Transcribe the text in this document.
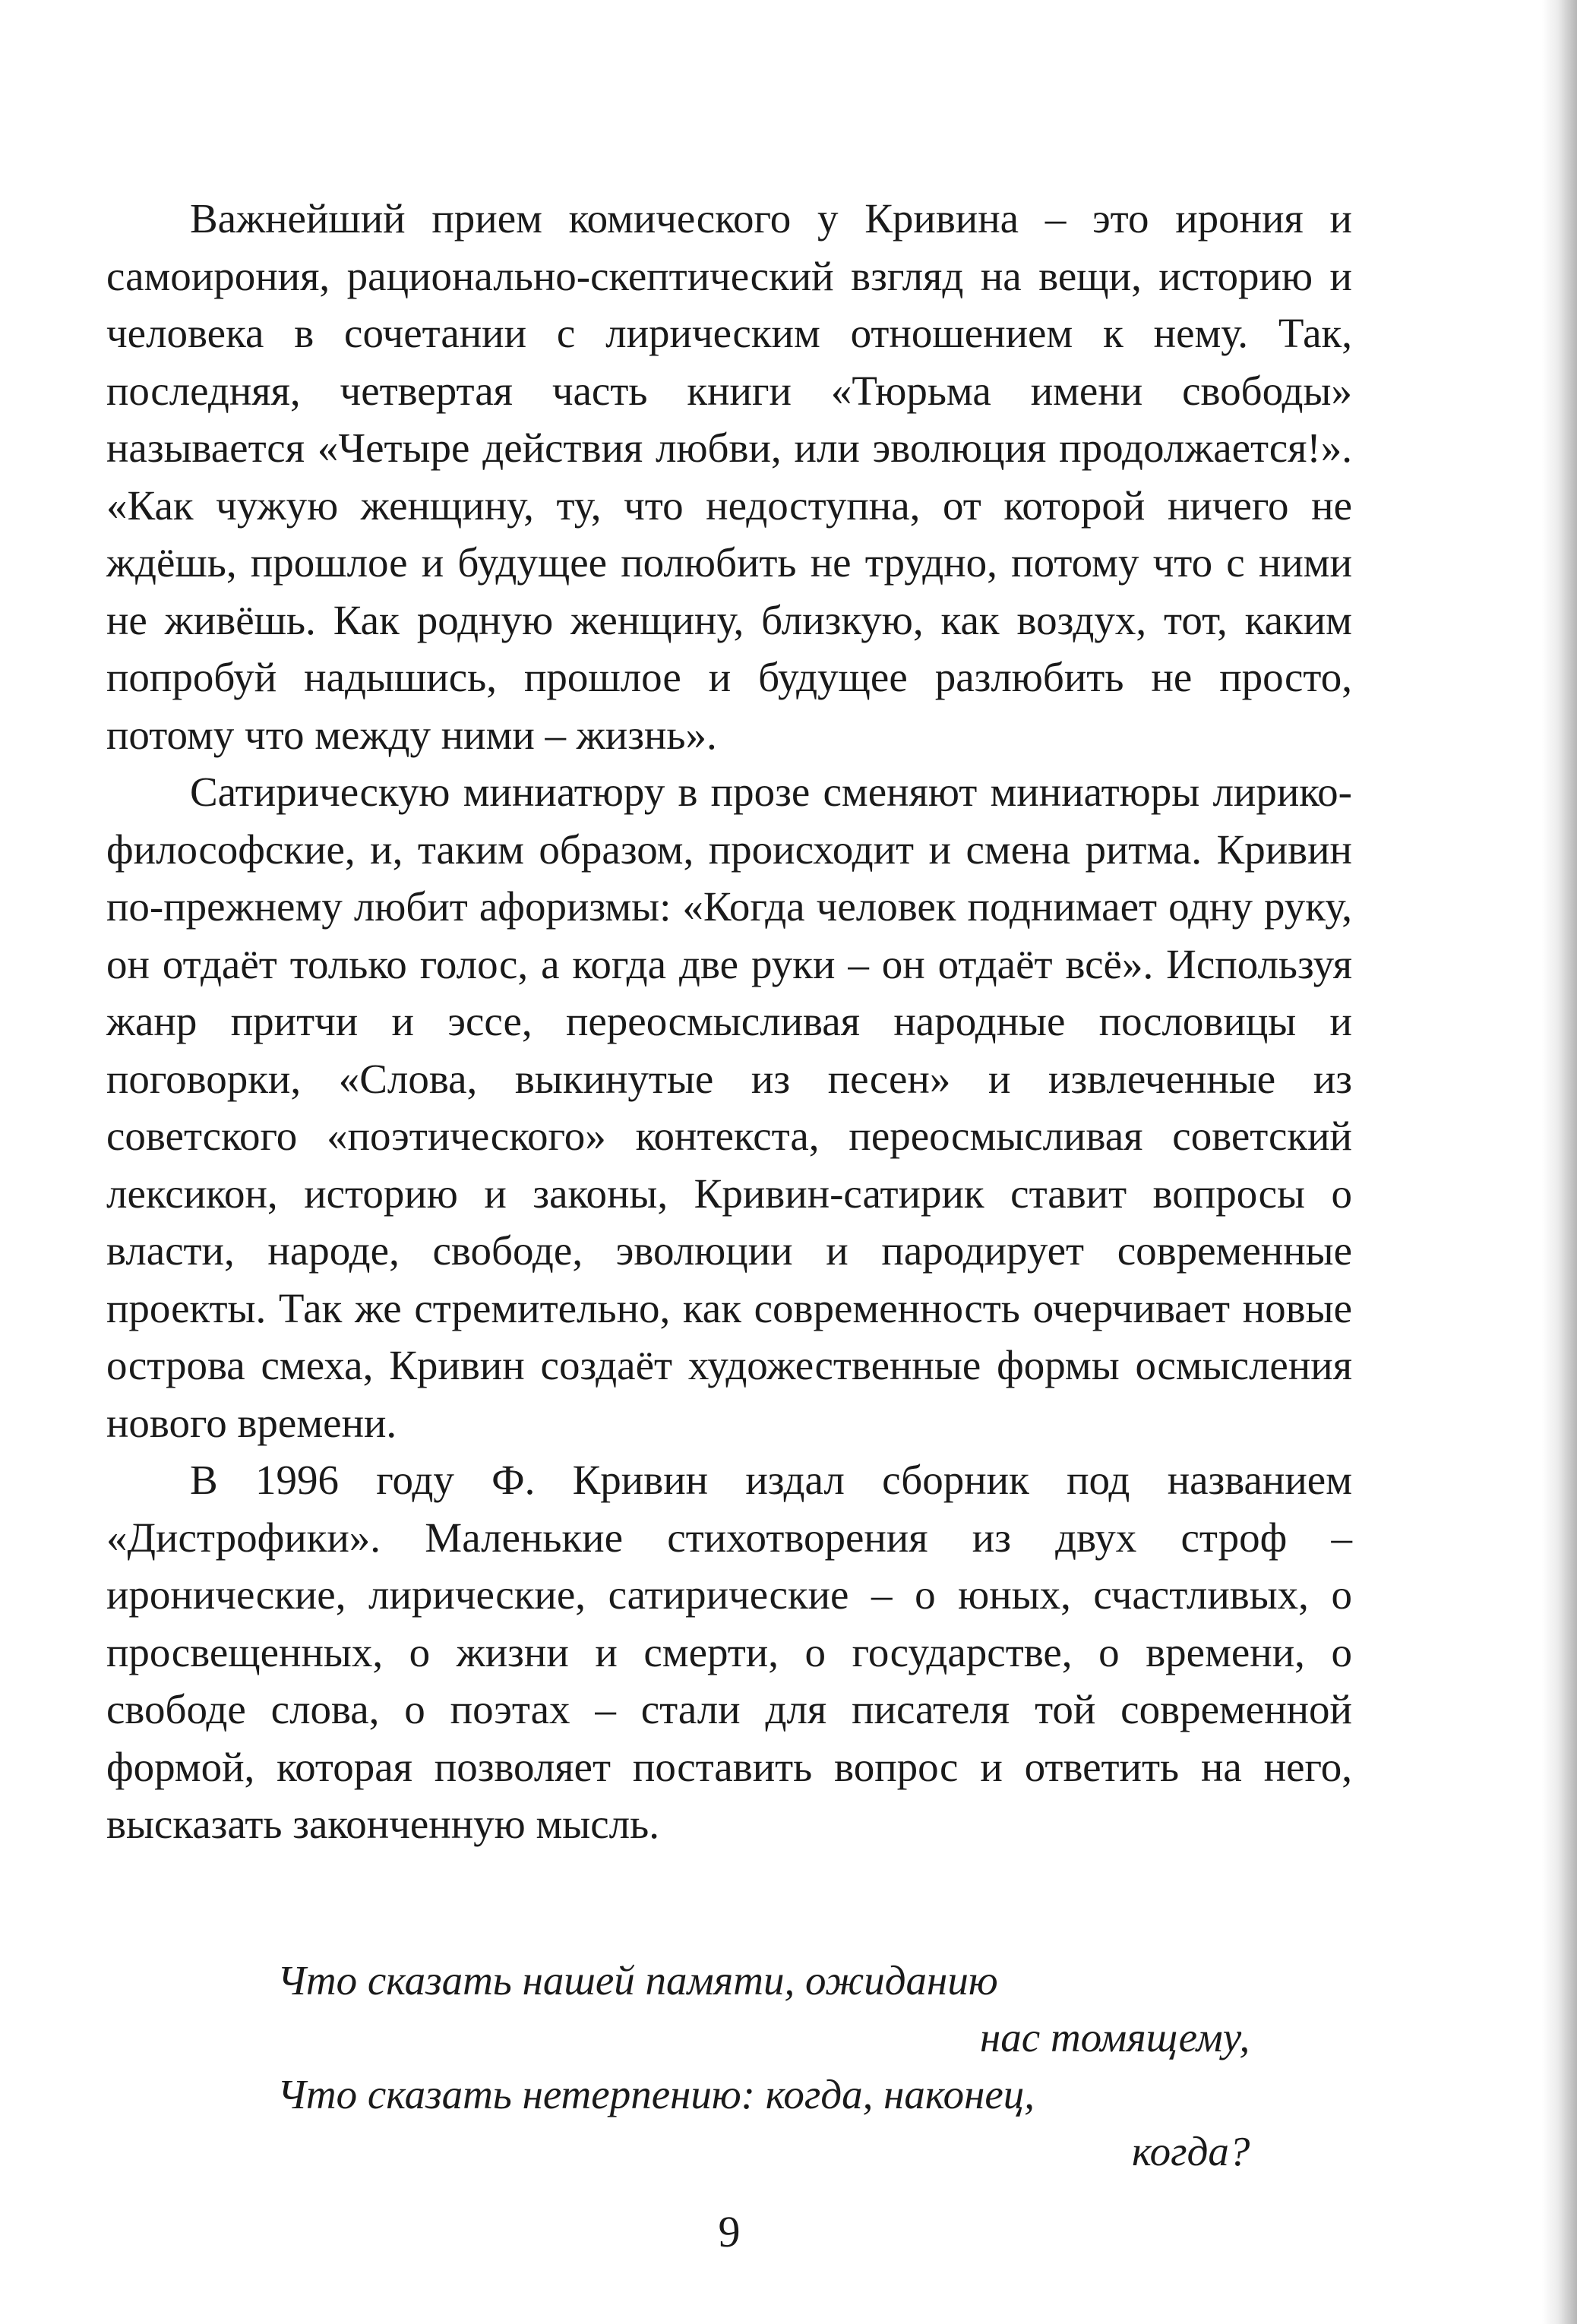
Важнейший прием комического у Кривина – это ирония и самоирония, рационально-скептический взгляд на вещи, историю и человека в сочетании с лирическим отношением к нему. Так, последняя, четвертая часть книги «Тюрьма имени свободы» называется «Четыре действия любви, или эволюция продолжается!». «Как чужую женщину, ту, что недоступна, от которой ничего не ждёшь, прошлое и будущее полюбить не трудно, потому что с ними не живёшь. Как родную женщину, близкую, как воздух, тот, каким попробуй надышись, прошлое и будущее разлюбить не просто, потому что между ними – жизнь».

Сатирическую миниатюру в прозе сменяют миниатюры лирико-философские, и, таким образом, происходит и смена ритма. Кривин по-прежнему любит афоризмы: «Когда человек поднимает одну руку, он отдаёт только голос, а когда две руки – он отдаёт всё». Используя жанр притчи и эссе, переосмысливая народные пословицы и поговорки, «Слова, выкинутые из песен» и извлеченные из советского «поэтического» контекста, переосмысливая советский лексикон, историю и законы, Кривин-сатирик ставит вопросы о власти, народе, свободе, эволюции и пародирует современные проекты. Так же стремительно, как современность очерчивает новые острова смеха, Кривин создаёт художественные формы осмысления нового времени.

В 1996 году Ф. Кривин издал сборник под названием «Дистрофики». Маленькие стихотворения из двух строф – иронические, лирические, сатирические – о юных, счастливых, о просвещенных, о жизни и смерти, о государстве, о времени, о свободе слова, о поэтах – стали для писателя той современной формой, которая позволяет поставить вопрос и ответить на него, высказать законченную мысль.

Что сказать нашей памяти, ожиданию
нас томящему,
Что сказать нетерпению: когда, наконец,
когда?
9
